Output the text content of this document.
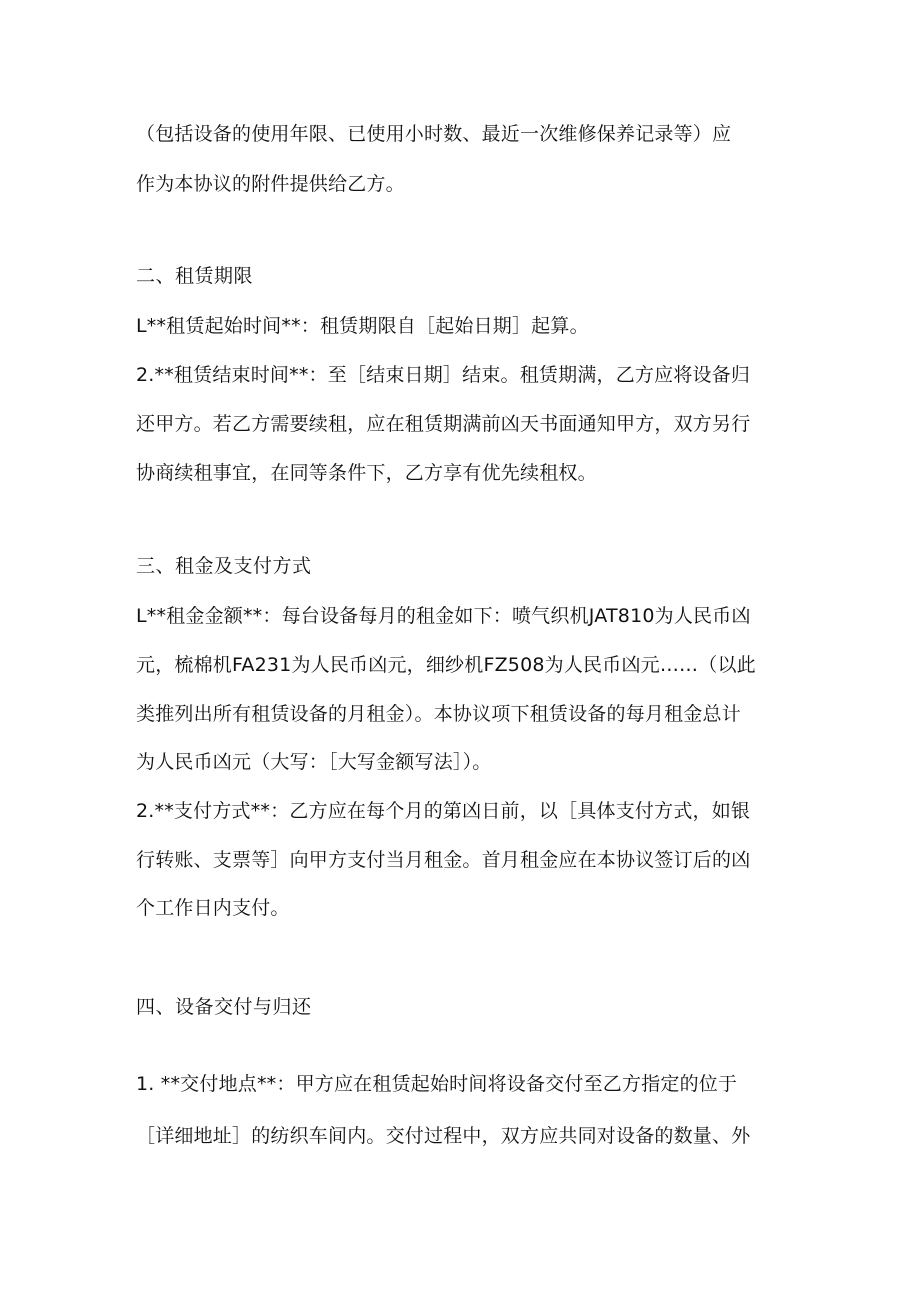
（包括设备的使用年限、已使用小时数、最近一次维修保养记录等）应
作为本协议的附件提供给乙方。
二、租赁期限
L**租赁起始时间**：租赁期限自［起始日期］起算。
2.**租赁结束时间**：至［结束日期］结束。租赁期满，乙方应将设备归
还甲方。若乙方需要续租，应在租赁期满前凶天书面通知甲方，双方另行
协商续租事宜，在同等条件下，乙方享有优先续租权。
三、租金及支付方式
L**租金金额**：每台设备每月的租金如下：喷气织机JAT810为人民币凶
元，梳棉机FA231为人民币凶元，细纱机FZ508为人民币凶元……（以此
类推列出所有租赁设备的月租金）。本协议项下租赁设备的每月租金总计
为人民币凶元（大写：［大写金额写法］）。
2.**支付方式**：乙方应在每个月的第凶日前，以［具体支付方式，如银
行转账、支票等］向甲方支付当月租金。首月租金应在本协议签订后的凶
个工作日内支付。
四、设备交付与归还
1. **交付地点**：甲方应在租赁起始时间将设备交付至乙方指定的位于
［详细地址］的纺织车间内。交付过程中，双方应共同对设备的数量、外
